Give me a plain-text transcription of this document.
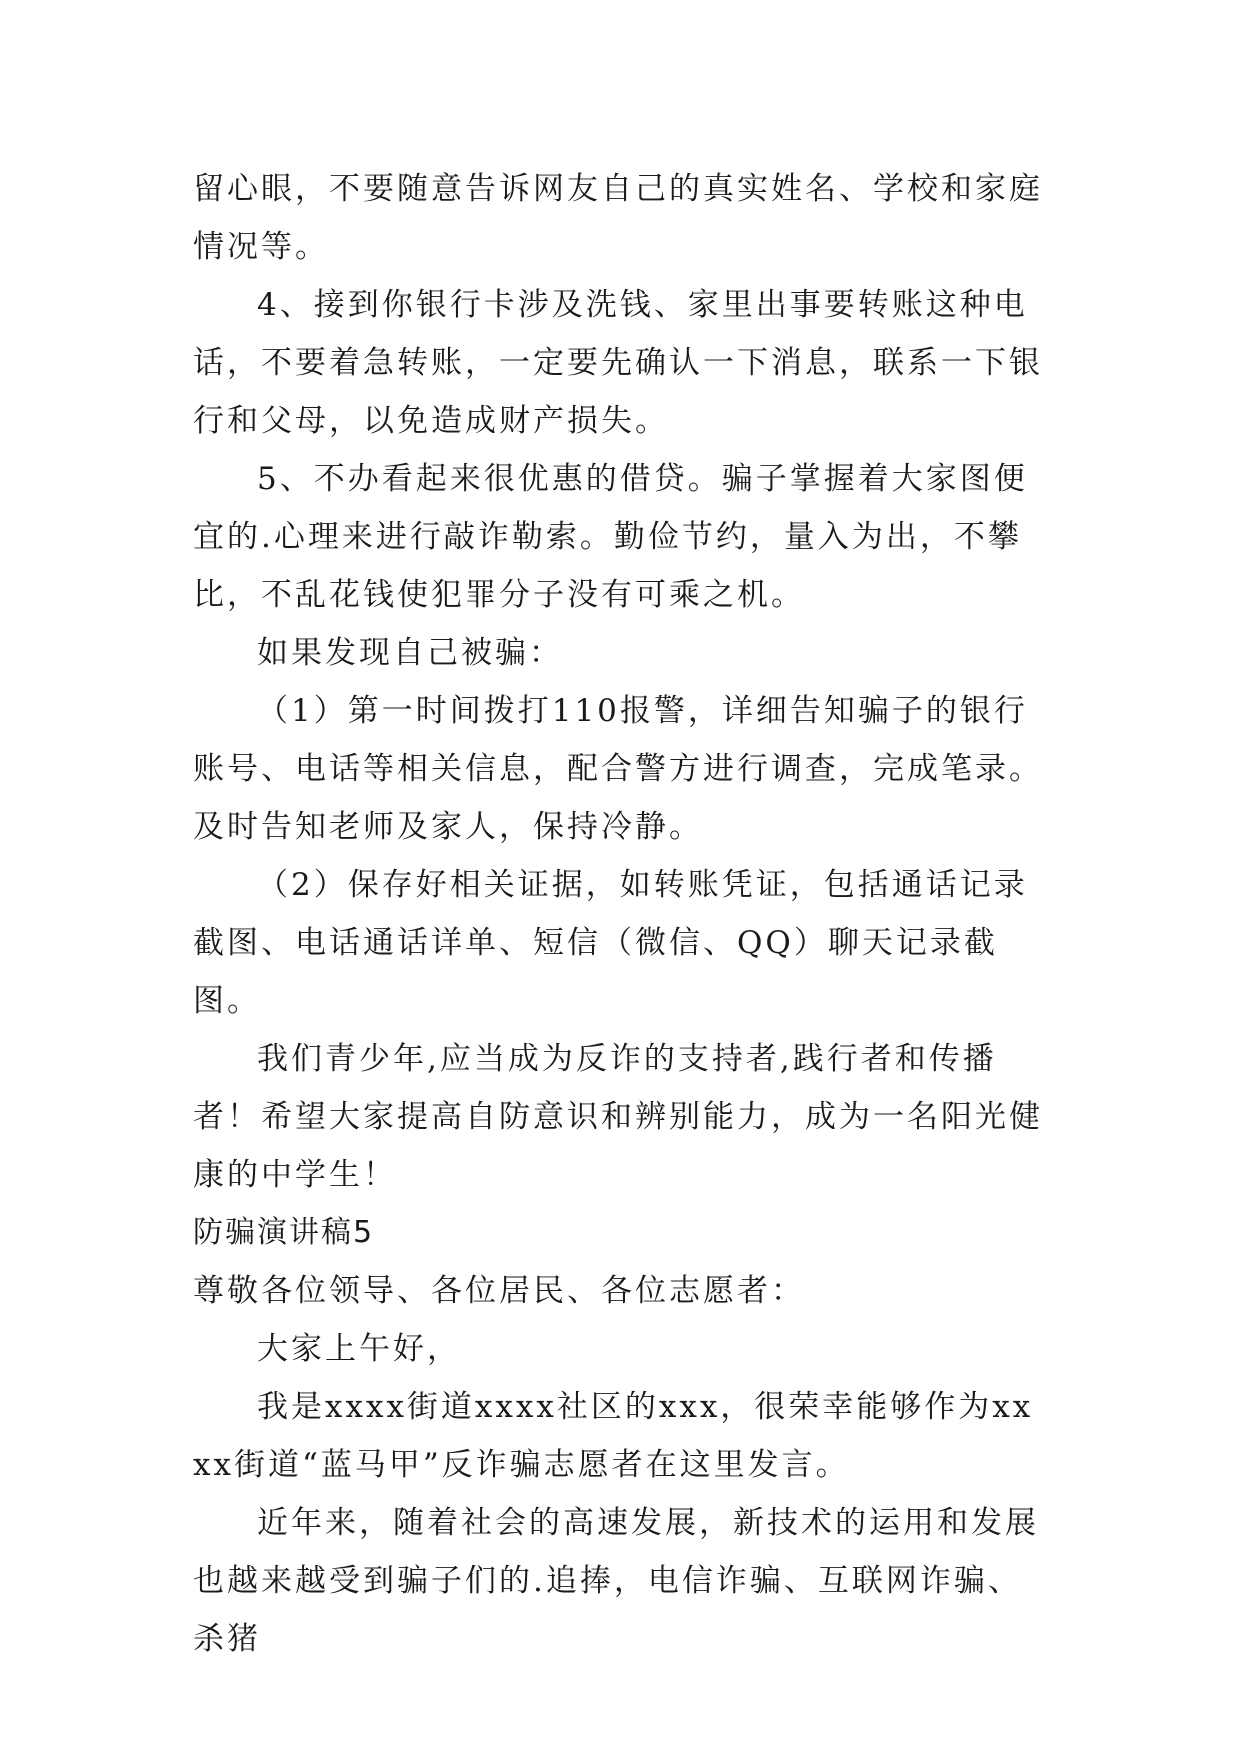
留心眼，不要随意告诉网友自己的真实姓名、学校和家庭情况等。

4、接到你银行卡涉及洗钱、家里出事要转账这种电话，不要着急转账，一定要先确认一下消息，联系一下银行和父母，以免造成财产损失。

5、不办看起来很优惠的借贷。骗子掌握着大家图便宜的.心理来进行敲诈勒索。勤俭节约，量入为出，不攀比，不乱花钱使犯罪分子没有可乘之机。

如果发现自己被骗：

（1）第一时间拨打110报警，详细告知骗子的银行账号、电话等相关信息，配合警方进行调查，完成笔录。及时告知老师及家人，保持冷静。

（2）保存好相关证据，如转账凭证，包括通话记录截图、电话通话详单、短信（微信、QQ）聊天记录截图。

我们青少年,应当成为反诈的支持者,践行者和传播者！希望大家提高自防意识和辨别能力，成为一名阳光健康的中学生！

防骗演讲稿5

尊敬各位领导、各位居民、各位志愿者：

大家上午好，

我是xxxx街道xxxx社区的xxx，很荣幸能够作为xxxx街道“蓝马甲”反诈骗志愿者在这里发言。

近年来，随着社会的高速发展，新技术的运用和发展也越来越受到骗子们的.追捧，电信诈骗、互联网诈骗、杀猪
